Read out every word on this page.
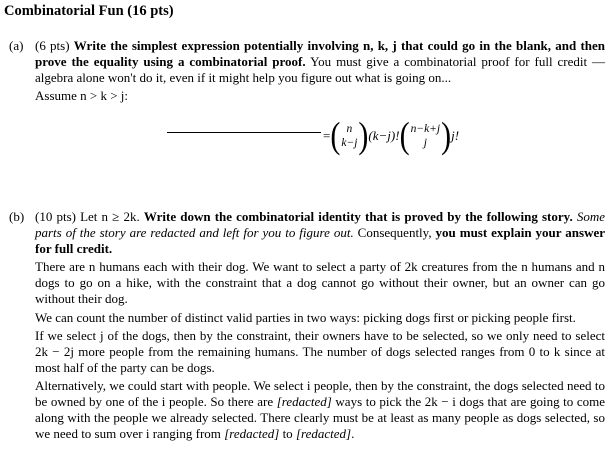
Combinatorial Fun (16 pts)
(a) (6 pts) Write the simplest expression potentially involving n, k, j that could go in the blank, and then prove the equality using a combinatorial proof. You must give a combinatorial proof for full credit — algebra alone won't do it, even if it might help you figure out what is going on...

Assume n > k > j:

= ( n
k−j ) (k−j)! ( n−k+j
j ) j!
(b) (10 pts) Let n ≥ 2k. Write down the combinatorial identity that is proved by the following story. Some parts of the story are redacted and left for you to figure out. Consequently, you must explain your answer for full credit.

There are n humans each with their dog. We want to select a party of 2k creatures from the n humans and n dogs to go on a hike, with the constraint that a dog cannot go without their owner, but an owner can go without their dog.

We can count the number of distinct valid parties in two ways: picking dogs first or picking people first.

If we select j of the dogs, then by the constraint, their owners have to be selected, so we only need to select 2k − 2j more people from the remaining humans. The number of dogs selected ranges from 0 to k since at most half of the party can be dogs.

Alternatively, we could start with people. We select i people, then by the constraint, the dogs selected need to be owned by one of the i people. So there are [redacted] ways to pick the 2k − i dogs that are going to come along with the people we already selected. There clearly must be at least as many people as dogs selected, so we need to sum over i ranging from [redacted] to [redacted].
